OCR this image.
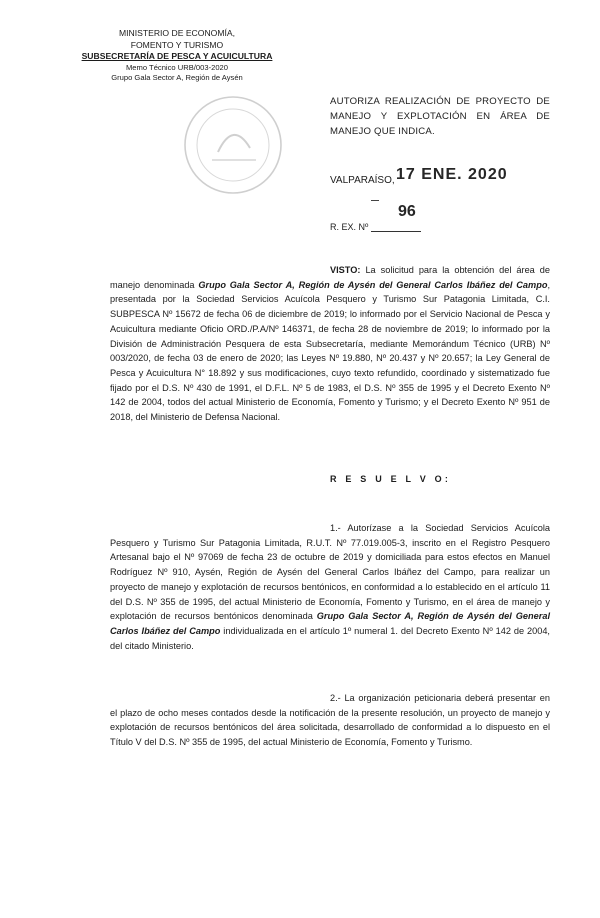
MINISTERIO DE ECONOMÍA,
FOMENTO Y TURISMO
SUBSECRETARÍA DE PESCA Y ACUICULTURA
Memo Técnico URB/003-2020
Grupo Gala Sector A, Región de Aysén
AUTORIZA REALIZACIÓN DE PROYECTO DE MANEJO Y EXPLOTACIÓN EN ÁREA DE MANEJO QUE INDICA.
VALPARAÍSO, 17 ENE. 2020
96
R. EX. Nº
VISTO: La solicitud para la obtención del área de manejo denominada Grupo Gala Sector A, Región de Aysén del General Carlos Ibáñez del Campo, presentada por la Sociedad Servicios Acuícola Pesquero y Turismo Sur Patagonia Limitada, C.I. SUBPESCA Nº 15672 de fecha 06 de diciembre de 2019; lo informado por el Servicio Nacional de Pesca y Acuicultura mediante Oficio ORD./P.A/Nº 146371, de fecha 28 de noviembre de 2019; lo informado por la División de Administración Pesquera de esta Subsecretaría, mediante Memorándum Técnico (URB) Nº 003/2020, de fecha 03 de enero de 2020; las Leyes Nº 19.880, Nº 20.437 y Nº 20.657; la Ley General de Pesca y Acuicultura N° 18.892 y sus modificaciones, cuyo texto refundido, coordinado y sistematizado fue fijado por el D.S. Nº 430 de 1991, el D.F.L. Nº 5 de 1983, el D.S. Nº 355 de 1995 y el Decreto Exento Nº 142 de 2004, todos del actual Ministerio de Economía, Fomento y Turismo; y el Decreto Exento Nº 951 de 2018, del Ministerio de Defensa Nacional.
R E S U E L V O:
1.- Autorízase a la Sociedad Servicios Acuícola Pesquero y Turismo Sur Patagonia Limitada, R.U.T. Nº 77.019.005-3, inscrito en el Registro Pesquero Artesanal bajo el Nº 97069 de fecha 23 de octubre de 2019 y domiciliada para estos efectos en Manuel Rodríguez Nº 910, Aysén, Región de Aysén del General Carlos Ibáñez del Campo, para realizar un proyecto de manejo y explotación de recursos bentónicos, en conformidad a lo establecido en el artículo 11 del D.S. Nº 355 de 1995, del actual Ministerio de Economía, Fomento y Turismo, en el área de manejo y explotación de recursos bentónicos denominada Grupo Gala Sector A, Región de Aysén del General Carlos Ibáñez del Campo individualizada en el artículo 1º numeral 1. del Decreto Exento Nº 142 de 2004, del citado Ministerio.
2.- La organización peticionaria deberá presentar en el plazo de ocho meses contados desde la notificación de la presente resolución, un proyecto de manejo y explotación de recursos bentónicos del área solicitada, desarrollado de conformidad a lo dispuesto en el Título V del D.S. Nº 355 de 1995, del actual Ministerio de Economía, Fomento y Turismo.
